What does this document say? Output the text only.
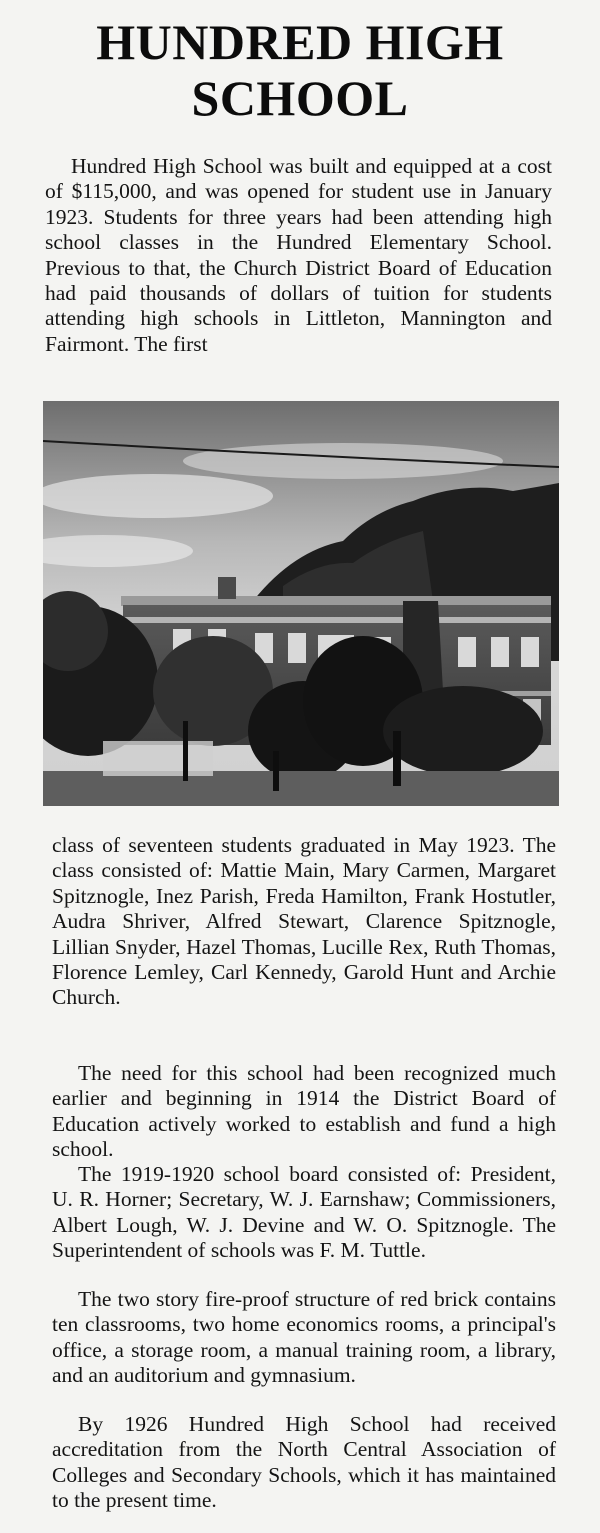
HUNDRED HIGH
SCHOOL

Hundred High School was built and equipped at a cost of $115,000, and was opened for student use in January 1923. Students for three years had been attending high school classes in the Hundred Elementary School. Previous to that, the Church District Board of Education had paid thousands of dollars of tuition for students attending high schools in Littleton, Mannington and Fairmont. The first

class of seventeen students graduated in May 1923. The class consisted of: Mattie Main, Mary Carmen, Margaret Spitznogle, Inez Parish, Freda Hamilton, Frank Hostutler, Audra Shriver, Alfred Stewart, Clarence Spitznogle, Lillian Snyder, Hazel Thomas, Lucille Rex, Ruth Thomas, Florence Lemley, Carl Kennedy, Garold Hunt and Archie Church.

The need for this school had been recognized much earlier and beginning in 1914 the District Board of Education actively worked to establish and fund a high school.

The 1919-1920 school board consisted of: President, U. R. Horner; Secretary, W. J. Earnshaw; Commissioners, Albert Lough, W. J. Devine and W. O. Spitznogle. The Superintendent of schools was F. M. Tuttle.

The two story fire-proof structure of red brick contains ten classrooms, two home economics rooms, a principal's office, a storage room, a manual training room, a library, and an auditorium and gymnasium.

By 1926 Hundred High School had received accreditation from the North Central Association of Colleges and Secondary Schools, which it has maintained to the present time.
